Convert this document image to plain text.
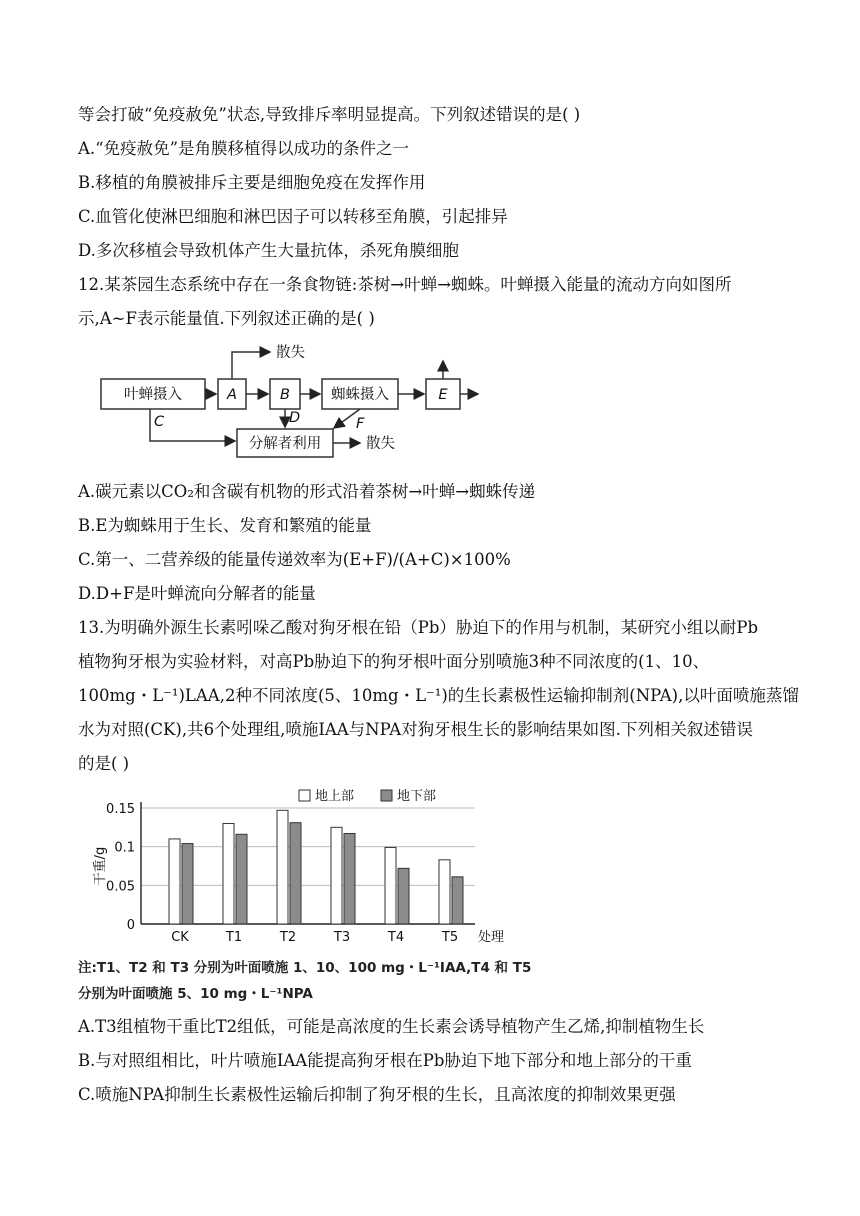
等会打破“免疫赦免”状态,导致排斥率明显提高。下列叙述错误的是( )
A.“免疫赦免”是角膜移植得以成功的条件之一
B.移植的角膜被排斥主要是细胞免疫在发挥作用
C.血管化使淋巴细胞和淋巴因子可以转移至角膜，引起排异
D.多次移植会导致机体产生大量抗体，杀死角膜细胞
12.某茶园生态系统中存在一条食物链:茶树→叶蝉→蜘蛛。叶蝉摄入能量的流动方向如图所
示,A~F表示能量值.下列叙述正确的是( )
叶蝉摄入	A	B	蜘蛛摄入	E
分解者利用
散失
散失
C	D	F
A.碳元素以CO₂和含碳有机物的形式沿着茶树→叶蝉→蜘蛛传递
B.E为蜘蛛用于生长、发育和繁殖的能量
C.第一、二营养级的能量传递效率为(E+F)/(A+C)×100%
D.D+F是叶蝉流向分解者的能量
13.为明确外源生长素吲哚乙酸对狗牙根在铅（Pb）胁迫下的作用与机制，某研究小组以耐Pb
植物狗牙根为实验材料，对高Pb胁迫下的狗牙根叶面分别喷施3种不同浓度的(1、10、
100mg・L⁻¹)LAA,2种不同浓度(5、10mg・L⁻¹)的生长素极性运输抑制剂(NPA),以叶面喷施蒸馏
水为对照(CK),共6个处理组,喷施IAA与NPA对狗牙根生长的影响结果如图.下列相关叙述错误
的是( )
0
0.05
0.1
0.15
干重/g
CK	T1	T2	T3	T4	T5 处理
地上部	地下部
注:T1、T2 和 T3 分别为叶面喷施 1、10、100 mg・L⁻¹IAA,T4 和 T5
分别为叶面喷施 5、10 mg・L⁻¹NPA
A.T3组植物干重比T2组低，可能是高浓度的生长素会诱导植物产生乙烯,抑制植物生长
B.与对照组相比，叶片喷施IAA能提高狗牙根在Pb胁迫下地下部分和地上部分的干重
C.喷施NPA抑制生长素极性运输后抑制了狗牙根的生长，且高浓度的抑制效果更强
